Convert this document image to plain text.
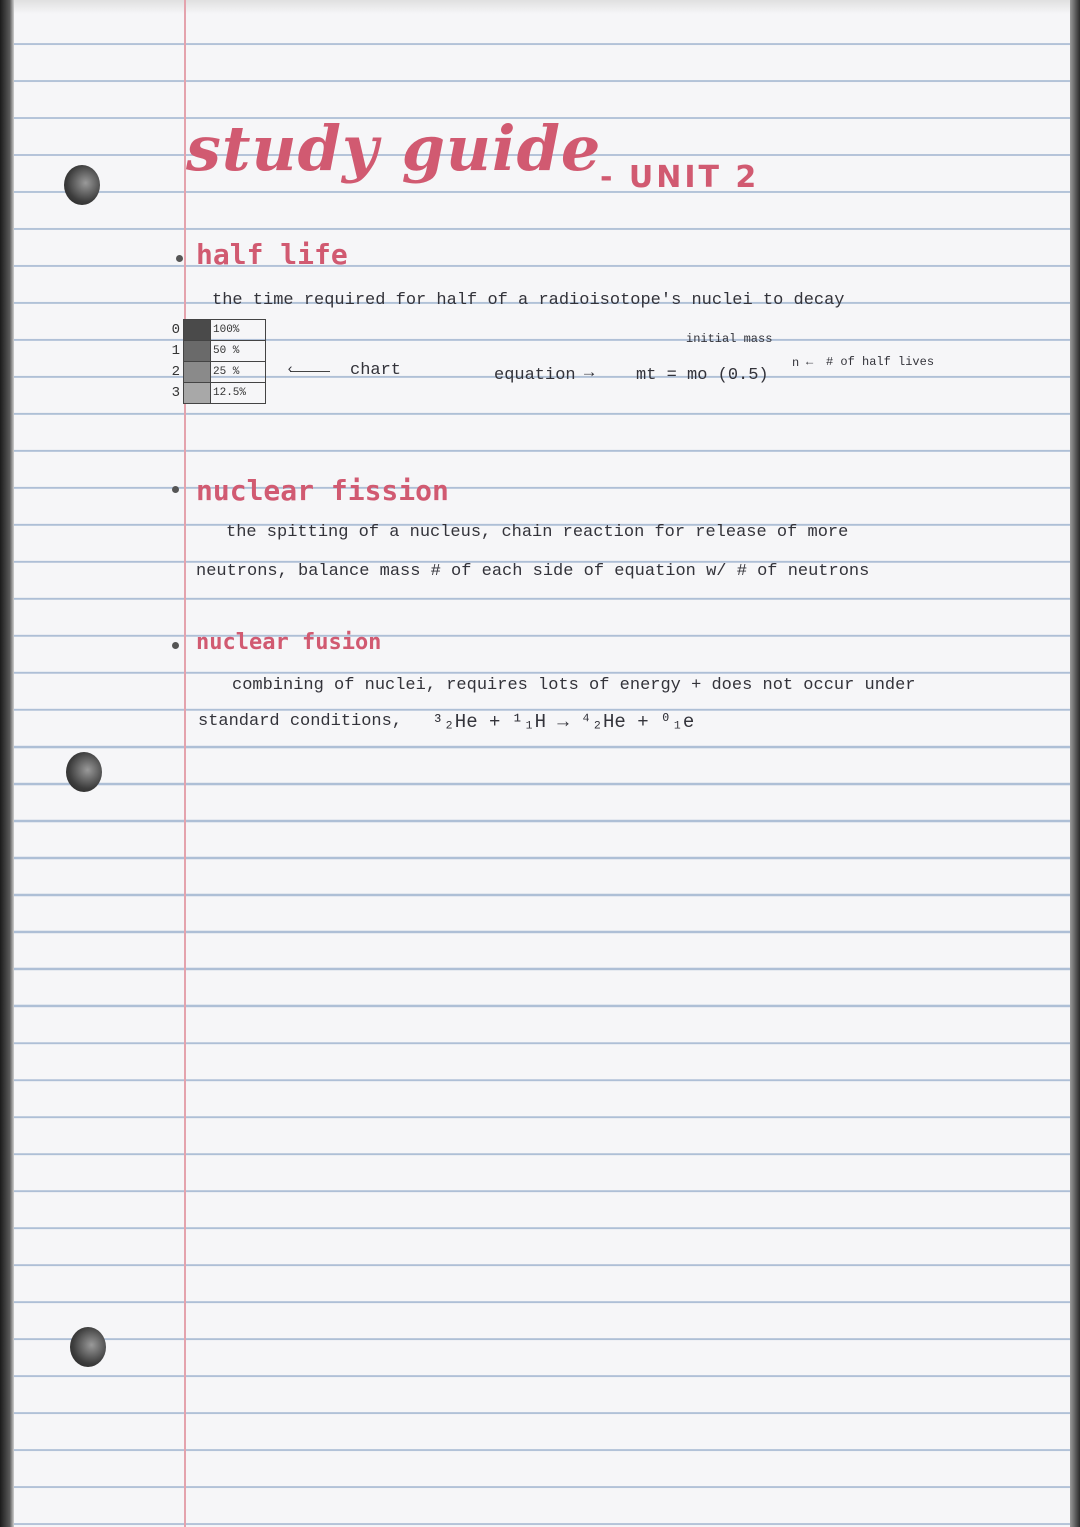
study guide
- UNIT 2
half life
the time required for half of a radioisotope's nuclei to decay
0		100%
1		50 %
2		25 %
3		12.5%
‹	chart
initial mass
equation → mt = mo (0.5)
n ← # of half lives
nuclear fission
the spitting of a nucleus, chain reaction for release of more
neutrons, balance mass # of each side of equation w/ # of neutrons
nuclear fusion
combining of nuclei, requires lots of energy + does not occur under
standard conditions, ³₂He + ¹₁H → ⁴₂He + ⁰₁e
